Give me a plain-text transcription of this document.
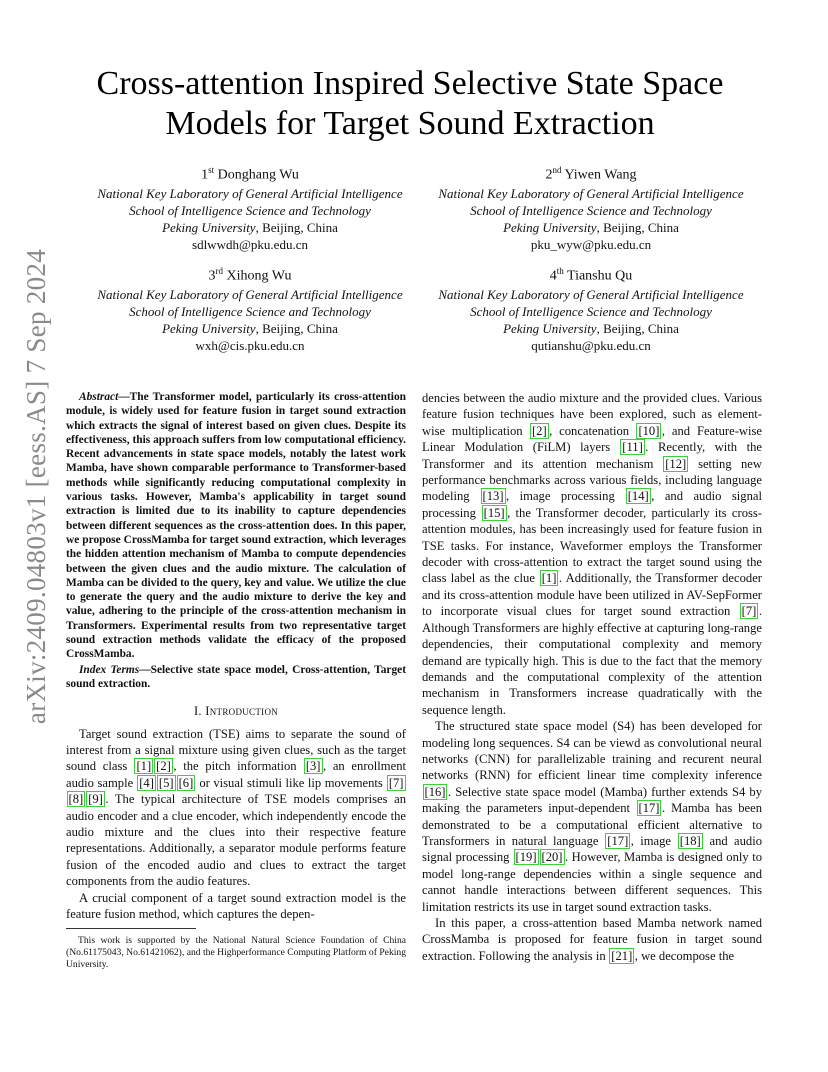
arXiv:2409.04803v1 [eess.AS] 7 Sep 2024
Cross-attention Inspired Selective State Space Models for Target Sound Extraction
1st Donghang Wu
National Key Laboratory of General Artificial Intelligence
School of Intelligence Science and Technology
Peking University, Beijing, China
sdlwwdh@pku.edu.cn
2nd Yiwen Wang
National Key Laboratory of General Artificial Intelligence
School of Intelligence Science and Technology
Peking University, Beijing, China
pku_wyw@pku.edu.cn
3rd Xihong Wu
National Key Laboratory of General Artificial Intelligence
School of Intelligence Science and Technology
Peking University, Beijing, China
wxh@cis.pku.edu.cn
4th Tianshu Qu
National Key Laboratory of General Artificial Intelligence
School of Intelligence Science and Technology
Peking University, Beijing, China
qutianshu@pku.edu.cn
Abstract—The Transformer model, particularly its cross-attention module, is widely used for feature fusion in target sound extraction which extracts the signal of interest based on given clues. Despite its effectiveness, this approach suffers from low computational efficiency. Recent advancements in state space models, notably the latest work Mamba, have shown comparable performance to Transformer-based methods while significantly reducing computational complexity in various tasks. However, Mamba's applicability in target sound extraction is limited due to its inability to capture dependencies between different sequences as the cross-attention does. In this paper, we propose CrossMamba for target sound extraction, which leverages the hidden attention mechanism of Mamba to compute dependencies between the given clues and the audio mixture. The calculation of Mamba can be divided to the query, key and value. We utilize the clue to generate the query and the audio mixture to derive the key and value, adhering to the principle of the cross-attention mechanism in Transformers. Experimental results from two representative target sound extraction methods validate the efficacy of the proposed CrossMamba.
Index Terms—Selective state space model, Cross-attention, Target sound extraction.
I. Introduction

Target sound extraction (TSE) aims to separate the sound of interest from a signal mixture using given clues, such as the target sound class [1] [2] , the pitch information [3] , an enrollment audio sample [4] [5] [6] or visual stimuli like lip movements [7][8] [9] . The typical architecture of TSE models comprises an audio encoder and a clue encoder, which independently encode the audio mixture and the clues into their respective feature representations. Additionally, a separator module performs feature fusion of the encoded audio and clues to extract the target components from the audio features.

A crucial component of a target sound extraction model is the feature fusion method, which captures the depen-

dencies between the audio mixture and the provided clues. Various feature fusion techniques have been explored, such as element-wise multiplication [2] , concatenation [10] , and Feature-wise Linear Modulation (FiLM) layers [11] . Recently, with the Transformer and its attention mechanism [12] setting new performance benchmarks across various fields, including language modeling [13] , image processing [14] , and audio signal processing [15] , the Transformer decoder, particularly its cross-attention modules, has been increasingly used for feature fusion in TSE tasks. For instance, Waveformer employs the Transformer decoder with cross-attention to extract the target sound using the class label as the clue [1] . Additionally, the Transformer decoder and its cross-attention module have been utilized in AV-SepFormer to incorporate visual clues for target sound extraction [7] . Although Transformers are highly effective at capturing long-range dependencies, their computational complexity and memory demand are typically high. This is due to the fact that the memory demands and the computational complexity of the attention mechanism in Transformers increase quadratically with the sequence length.

The structured state space model (S4) has been developed for modeling long sequences. S4 can be viewd as convolutional neural networks (CNN) for parallelizable training and recurent neural networks (RNN) for efficient linear time complexity inference [16] . Selective state space model (Mamba) further extends S4 by making the parameters input-dependent [17] . Mamba has been demonstrated to be a computational efficient alternative to Transformers in natural language [17] , image [18] and audio signal processing [19] [20] . However, Mamba is designed only to model long-range dependencies within a single sequence and cannot handle interactions between different sequences. This limitation restricts its use in target sound extraction tasks.

In this paper, a cross-attention based Mamba network named CrossMamba is proposed for feature fusion in target sound extraction. Following the analysis in [21] , we decompose the

This work is supported by the National Natural Science Foundation of China (No.61175043, No.61421062), and the Highperformance Computing Platform of Peking University.
